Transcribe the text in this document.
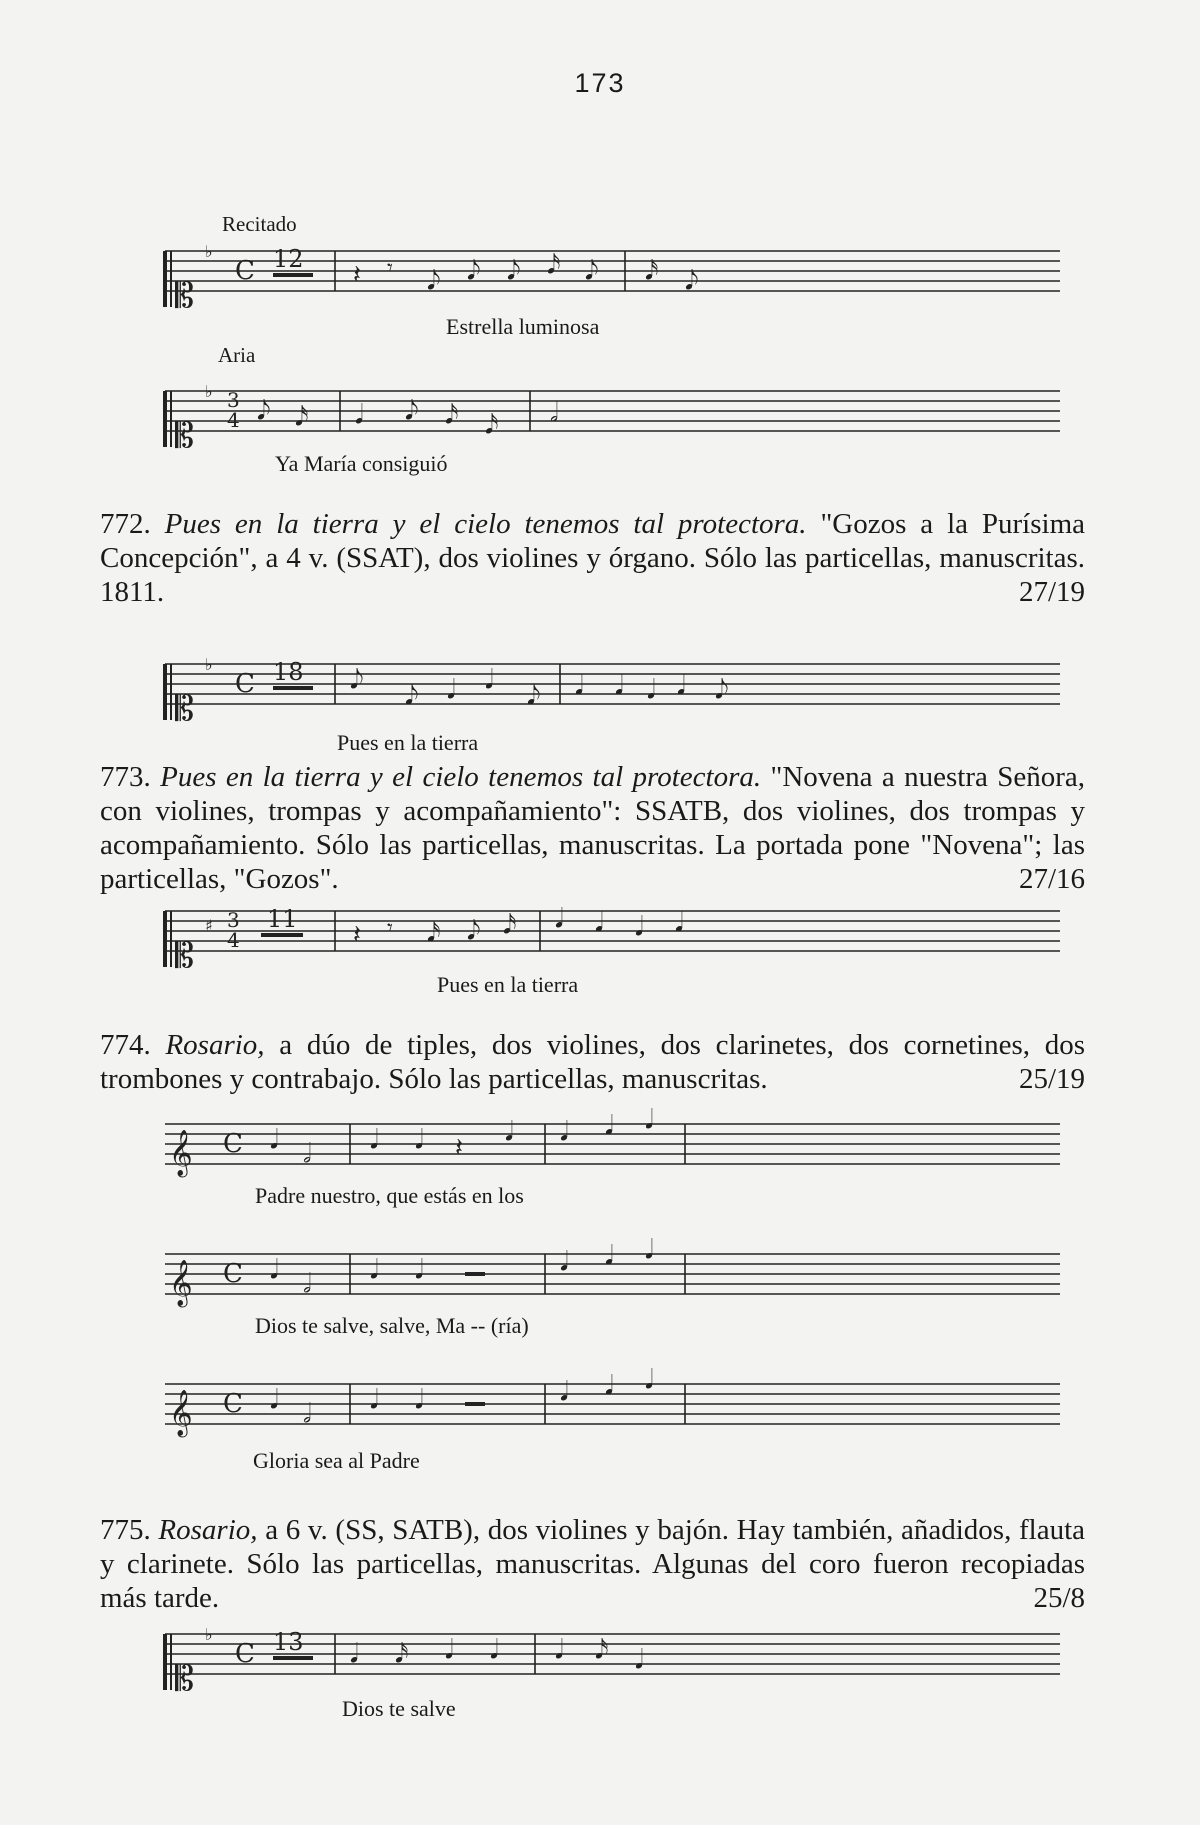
173
Recitado
𝄡
♭
C 12
𝄽 𝄾 𝅘𝅥𝅮 𝅘𝅥𝅮 𝅘𝅥𝅮 𝅘𝅥𝅯 𝅘𝅥𝅮 𝅘𝅥𝅯 𝅘𝅥𝅮
Estrella luminosa
Aria
𝄡
♭ 3
4 𝅘𝅥𝅮 𝅘𝅥𝅯 𝅘𝅥 𝅘𝅥𝅮 𝅘𝅥𝅯 𝅘𝅥𝅯 𝅗𝅥
Ya María consiguió
772. Pues en la tierra y el cielo tenemos tal protectora. "Gozos a la Purísima Concepción", a 4 v. (SSAT), dos violines y órgano. Sólo las particellas, manuscritas. 1811.	27/19
𝄡
♭
C 18 𝅘𝅥𝅮
𝅘𝅥𝅮 𝅘𝅥 𝅘𝅥
𝅘𝅥𝅮 𝅘𝅥 𝅘𝅥 𝅘𝅥 𝅘𝅥 𝅘𝅥𝅮
Pues en la tierra
773. Pues en la tierra y el cielo tenemos tal protectora. "Novena a nuestra Señora, con violines, trompas y acompañamiento": SSATB, dos violines, dos trompas y acompañamiento. Sólo las particellas, manuscritas. La portada pone "Novena"; las particellas, "Gozos".	27/16
𝄡
♯ 3
4
11
𝄽 𝄾 𝅘𝅥𝅯 𝅘𝅥𝅮 𝅘𝅥𝅯 𝅘𝅥 𝅘𝅥 𝅘𝅥 𝅘𝅥
Pues en la tierra
774. Rosario, a dúo de tiples, dos violines, dos clarinetes, dos cornetines, dos trombones y contrabajo. Sólo las particellas, manuscritas.	25/19
𝄞 C 𝅘𝅥 𝅗𝅥 𝅘𝅥 𝅘𝅥 𝄽
𝅘𝅥 𝅘𝅥 𝅘𝅥 𝅘𝅥
Padre nuestro, que estás en los
𝄞 C 𝅘𝅥 𝅗𝅥 𝅘𝅥 𝅘𝅥	𝅘𝅥 𝅘𝅥 𝅘𝅥
Dios te salve, salve, Ma -- (ría)
𝄞 C 𝅘𝅥 𝅗𝅥 𝅘𝅥 𝅘𝅥	𝅘𝅥 𝅘𝅥 𝅘𝅥
Gloria sea al Padre
775. Rosario, a 6 v. (SS, SATB), dos violines y bajón. Hay también, añadidos, flauta y clarinete. Sólo las particellas, manuscritas. Algunas del coro fueron recopiadas más tarde.	25/8
𝄡
♭
C 13 𝅘𝅥 𝅘𝅥𝅯 𝅘𝅥 𝅘𝅥 𝅘𝅥 𝅘𝅥𝅯 𝅘𝅥
Dios te salve
